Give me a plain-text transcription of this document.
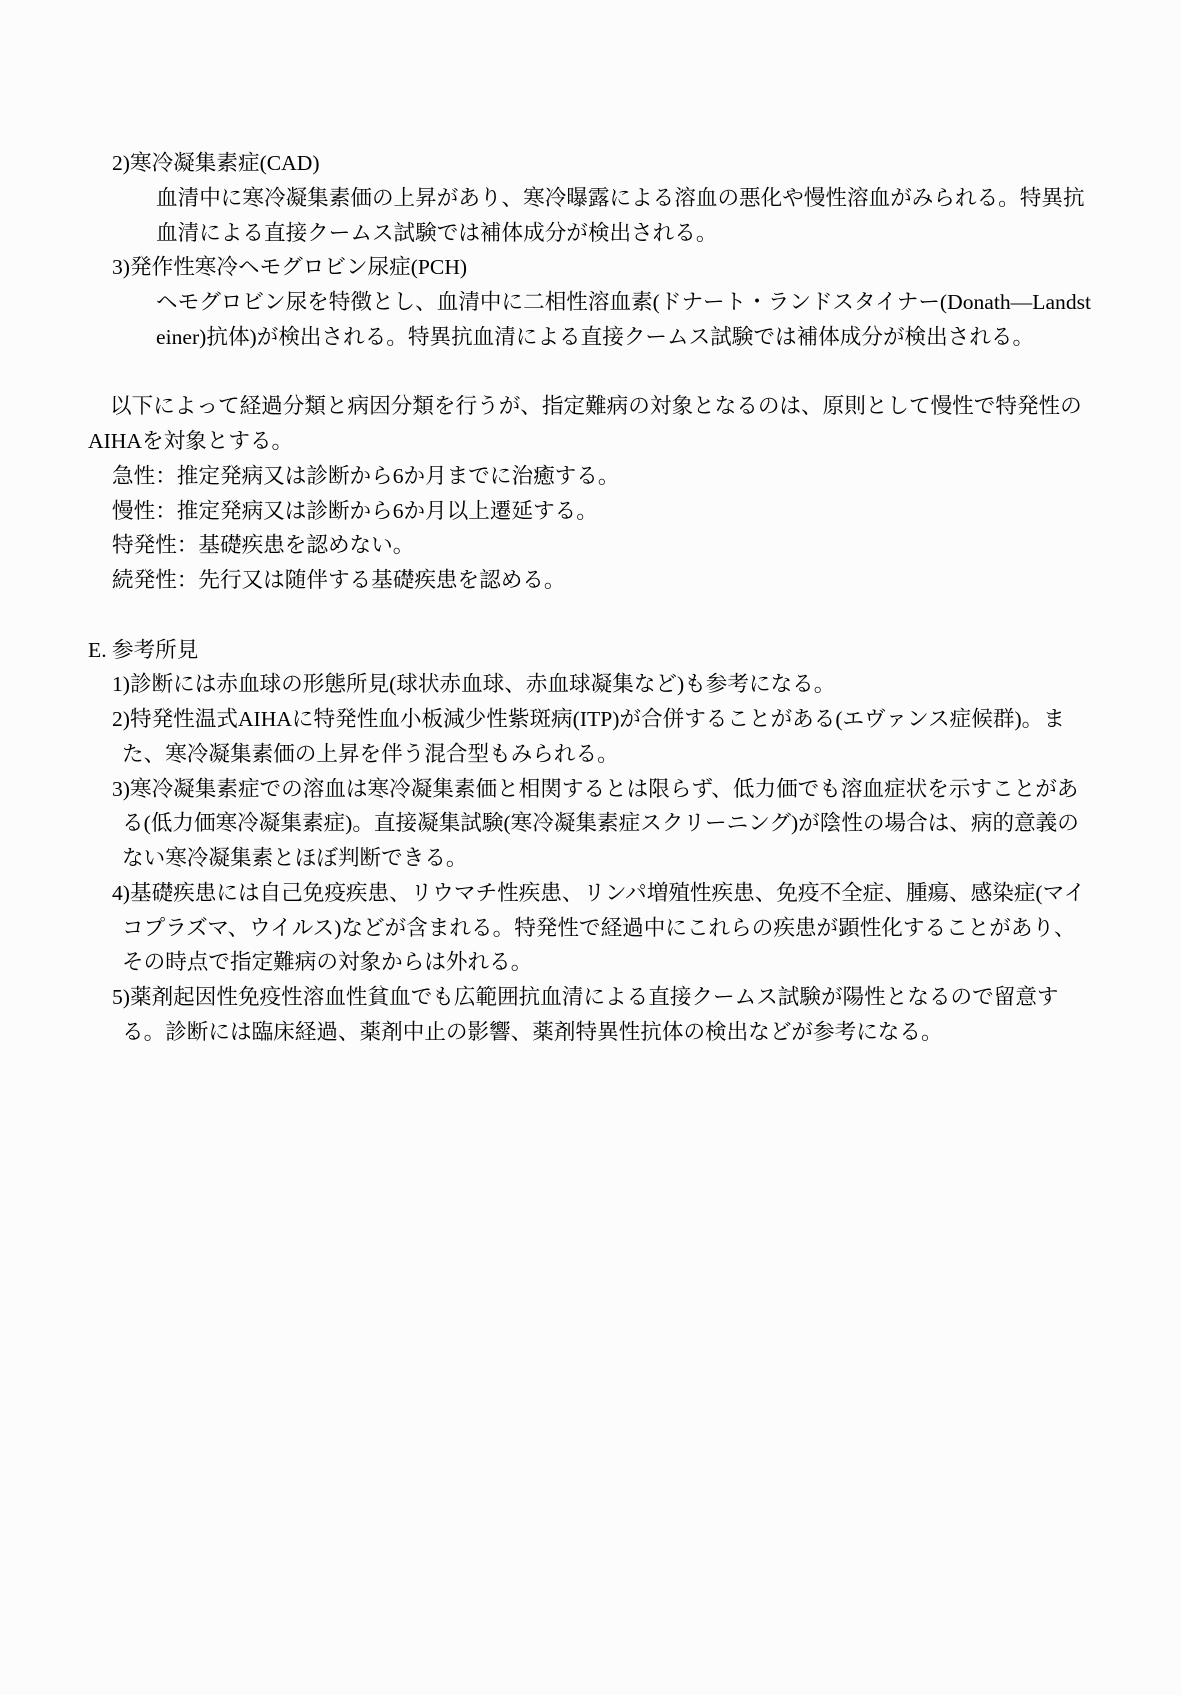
2)寒冷凝集素症(CAD)
血清中に寒冷凝集素価の上昇があり、寒冷曝露による溶血の悪化や慢性溶血がみられる。特異抗血清による直接クームス試験では補体成分が検出される。
3)発作性寒冷ヘモグロビン尿症(PCH)
ヘモグロビン尿を特徴とし、血清中に二相性溶血素(ドナート・ランドスタイナー(Donath―Landsteiner)抗体)が検出される。特異抗血清による直接クームス試験では補体成分が検出される。
以下によって経過分類と病因分類を行うが、指定難病の対象となるのは、原則として慢性で特発性のAIHAを対象とする。
急性：推定発病又は診断から6か月までに治癒する。
慢性：推定発病又は診断から6か月以上遷延する。
特発性：基礎疾患を認めない。
続発性：先行又は随伴する基礎疾患を認める。
E. 参考所見
1)診断には赤血球の形態所見(球状赤血球、赤血球凝集など)も参考になる。
2)特発性温式AIHAに特発性血小板減少性紫斑病(ITP)が合併することがある(エヴァンス症候群)。また、寒冷凝集素価の上昇を伴う混合型もみられる。
3)寒冷凝集素症での溶血は寒冷凝集素価と相関するとは限らず、低力価でも溶血症状を示すことがある(低力価寒冷凝集素症)。直接凝集試験(寒冷凝集素症スクリーニング)が陰性の場合は、病的意義のない寒冷凝集素とほぼ判断できる。
4)基礎疾患には自己免疫疾患、リウマチ性疾患、リンパ増殖性疾患、免疫不全症、腫瘍、感染症(マイコプラズマ、ウイルス)などが含まれる。特発性で経過中にこれらの疾患が顕性化することがあり、その時点で指定難病の対象からは外れる。
5)薬剤起因性免疫性溶血性貧血でも広範囲抗血清による直接クームス試験が陽性となるので留意する。診断には臨床経過、薬剤中止の影響、薬剤特異性抗体の検出などが参考になる。
